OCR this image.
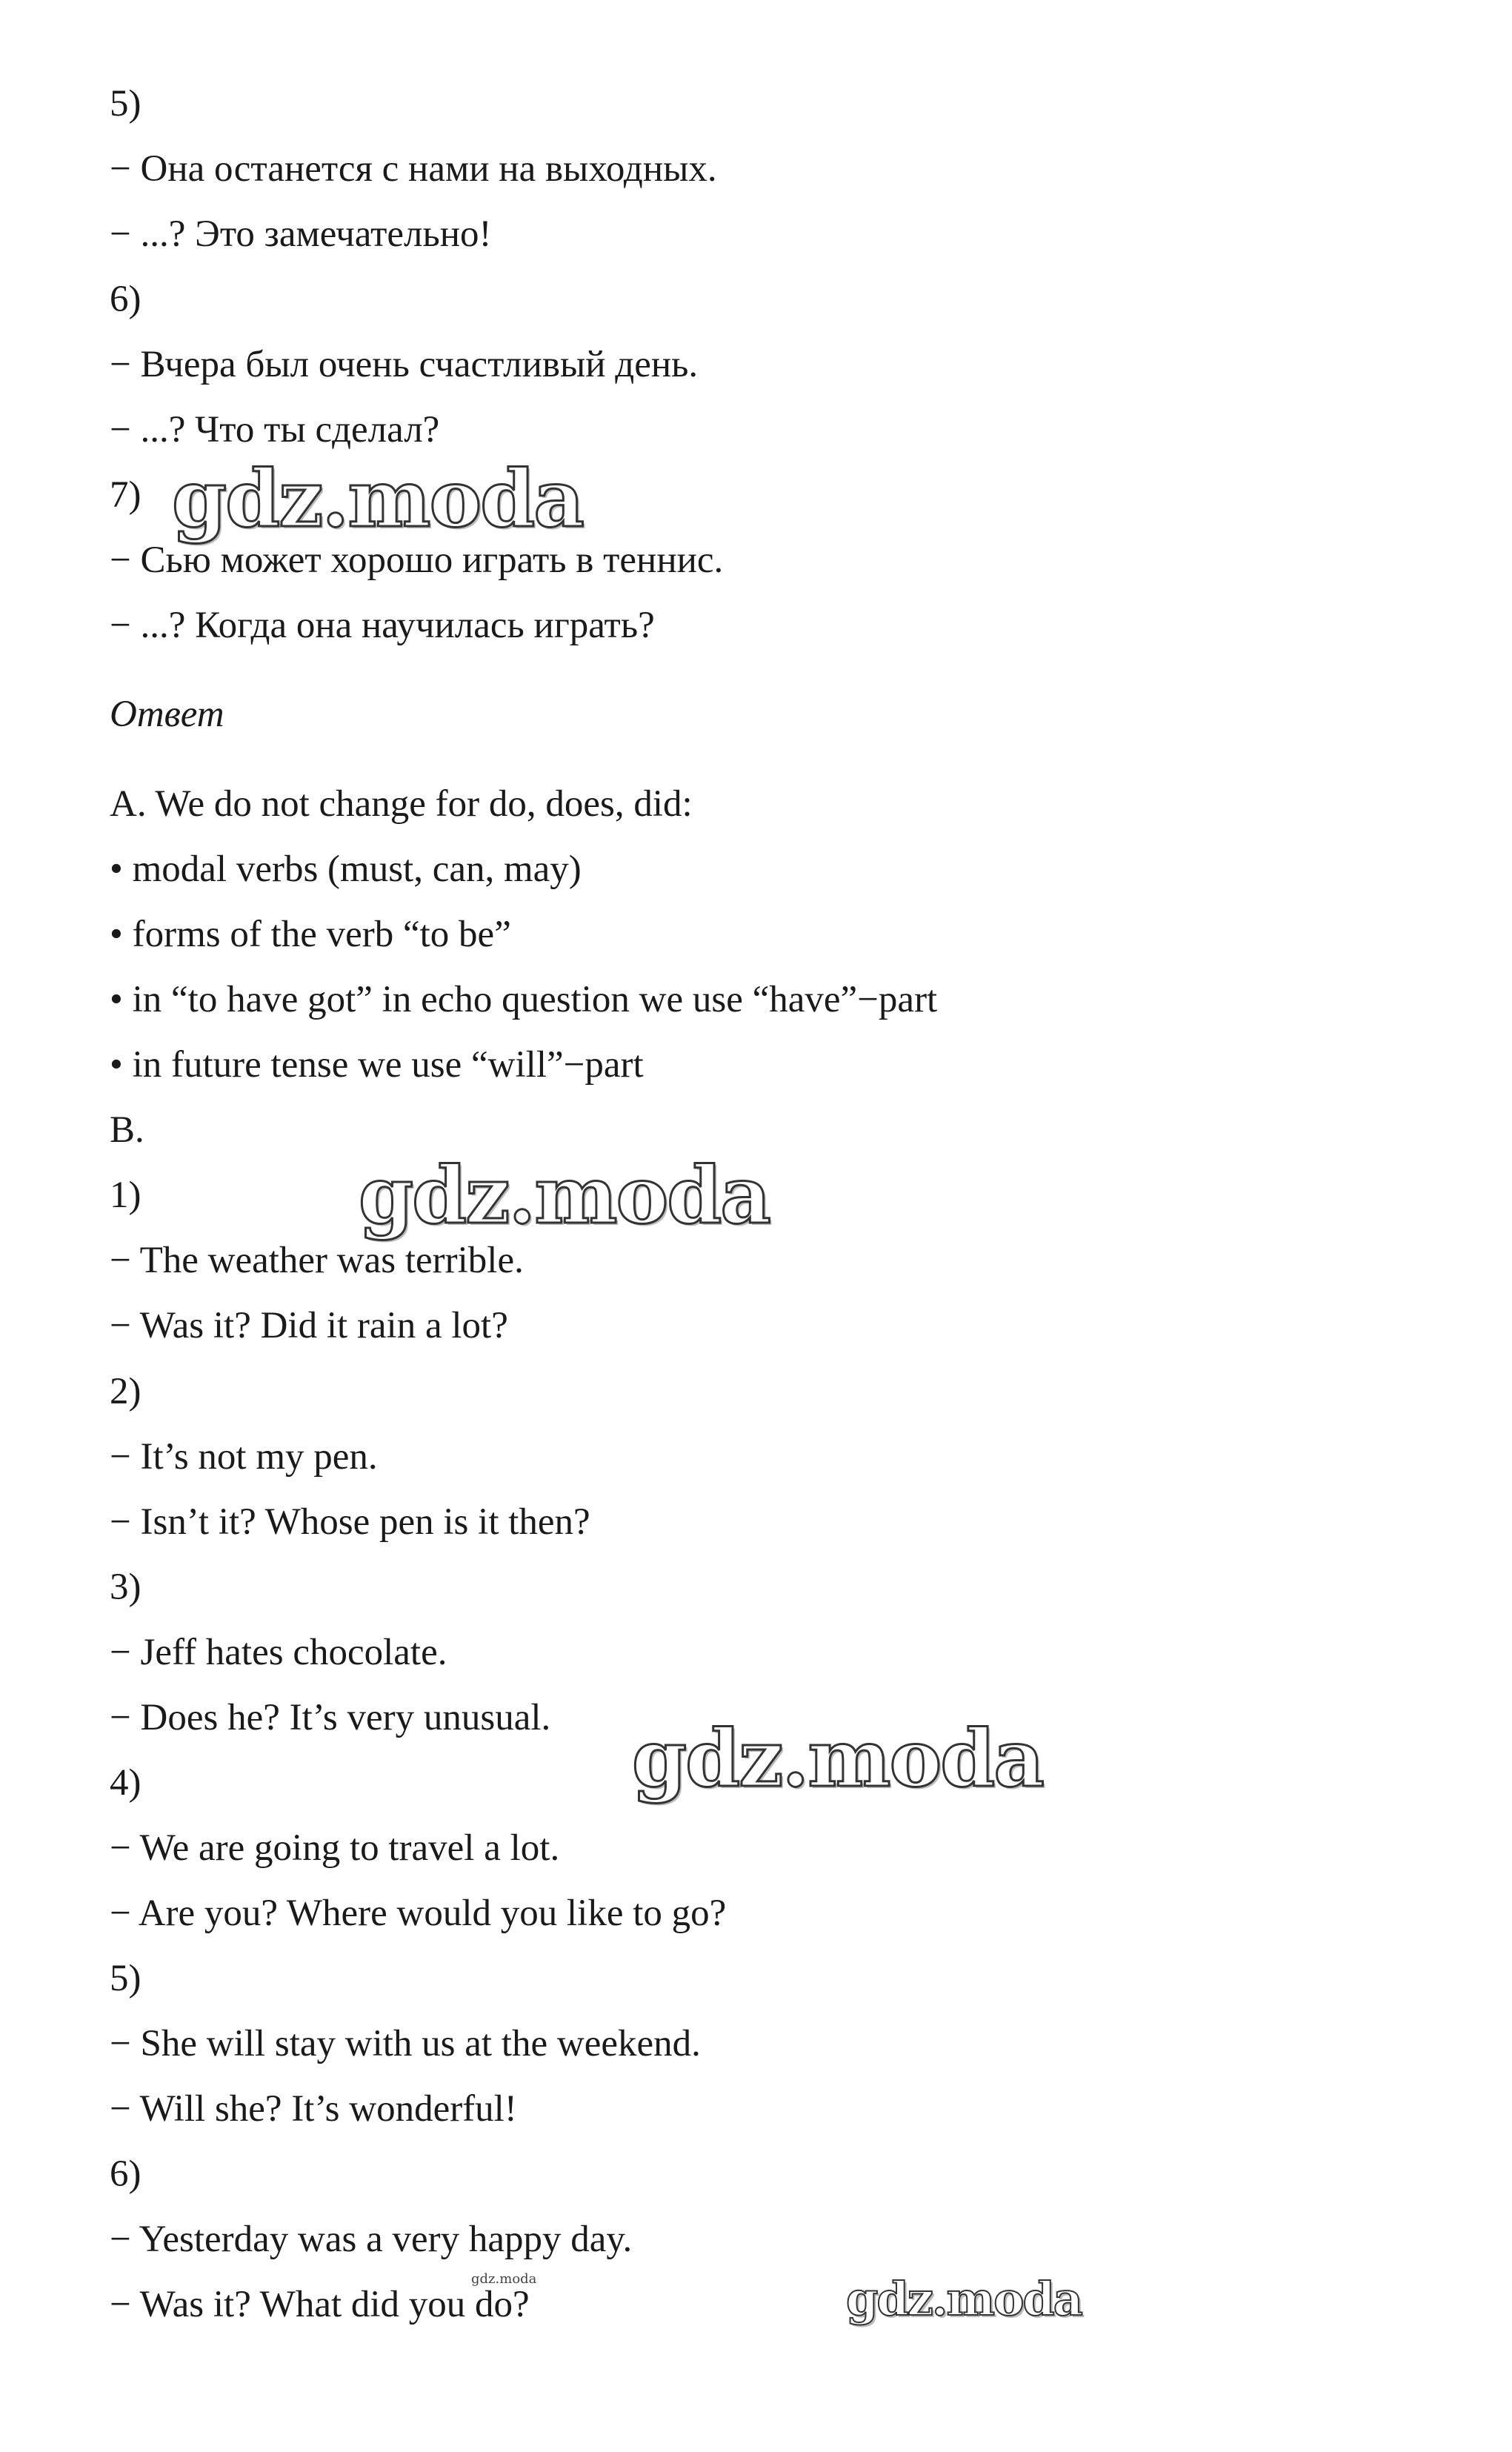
5)

− Она останется с нами на выходных.

− ...? Это замечательно!

6)

− Вчера был очень счастливый день.

− ...? Что ты сделал?

7)

− Сью может хорошо играть в теннис.

− ...? Когда она научилась играть?

Ответ

A. We do not change for do, does, did:

• modal verbs (must, can, may)

• forms of the verb “to be”

• in “to have got” in echo question we use “have”−part

• in future tense we use “will”−part

B.

1)

− The weather was terrible.

− Was it? Did it rain a lot?

2)

− It’s not my pen.

− Isn’t it? Whose pen is it then?

3)

− Jeff hates chocolate.

− Does he? It’s very unusual.

4)

− We are going to travel a lot.

− Are you? Where would you like to go?

5)

− She will stay with us at the weekend.

− Will she? It’s wonderful!

6)

− Yesterday was a very happy day.

− Was it? What did you do?

gdz.moda
gdz.moda
gdz.moda
gdz.moda	gdz.moda
